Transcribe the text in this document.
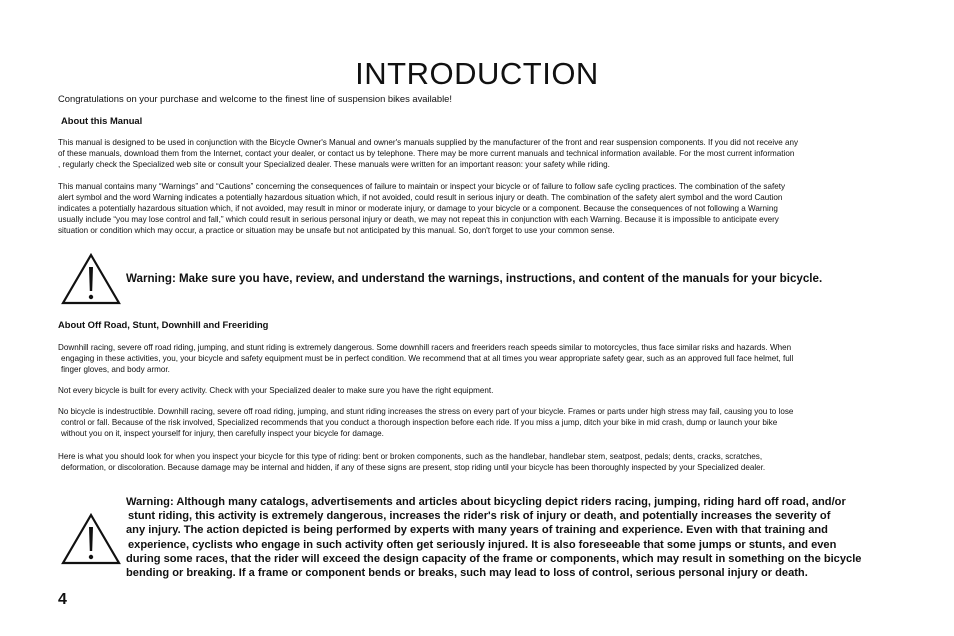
INTRODUCTION
Congratulations on your purchase and welcome to the finest line of suspension bikes available!
About this Manual
This manual is designed to be used in conjunction with the Bicycle Owner's Manual and owner's manuals supplied by the manufacturer of the front and rear suspension components. If you did not receive any
of these manuals, download them from the Internet, contact your dealer, or contact us by telephone. There may be more current manuals and technical information available. For the most current information
, regularly check the Specialized web site or consult your Specialized dealer. These manuals were written for an important reason: your safety while riding.
This manual contains many “Warnings” and “Cautions” concerning the consequences of failure to maintain or inspect your bicycle or of failure to follow safe cycling practices. The combination of the safety
alert symbol and the word Warning indicates a potentially hazardous situation which, if not avoided, could result in serious injury or death. The combination of the safety alert symbol and the word Caution
indicates a potentially hazardous situation which, if not avoided, may result in minor or moderate injury, or damage to your bicycle or a component. Because the consequences of not following a Warning
usually include “you may lose control and fall,” which could result in serious personal injury or death, we may not repeat this in conjunction with each Warning. Because it is impossible to anticipate every
situation or condition which may occur, a practice or situation may be unsafe but not anticipated by this manual. So, don't forget to use your common sense.
Warning: Make sure you have, review, and understand the warnings, instructions, and content of the manuals for your bicycle.
About Off Road, Stunt, Downhill and Freeriding
Downhill racing, severe off road riding, jumping, and stunt riding is extremely dangerous. Some downhill racers and freeriders reach speeds similar to motorcycles, thus face similar risks and hazards. When
engaging in these activities, you, your bicycle and safety equipment must be in perfect condition. We recommend that at all times you wear appropriate safety gear, such as an approved full face helmet, full
finger gloves, and body armor.
Not every bicycle is built for every activity. Check with your Specialized dealer to make sure you have the right equipment.
No bicycle is indestructible. Downhill racing, severe off road riding, jumping, and stunt riding increases the stress on every part of your bicycle. Frames or parts under high stress may fail, causing you to lose
control or fall. Because of the risk involved, Specialized recommends that you conduct a thorough inspection before each ride. If you miss a jump, ditch your bike in mid crash, dump or launch your bike
without you on it, inspect yourself for injury, then carefully inspect your bicycle for damage.
Here is what you should look for when you inspect your bicycle for this type of riding: bent or broken components, such as the handlebar, handlebar stem, seatpost, pedals; dents, cracks, scratches,
deformation, or discoloration. Because damage may be internal and hidden, if any of these signs are present, stop riding until your bicycle has been thoroughly inspected by your Specialized dealer.
Warning: Although many catalogs, advertisements and articles about bicycling depict riders racing, jumping, riding hard off road, and/or
stunt riding, this activity is extremely dangerous, increases the rider's risk of injury or death, and potentially increases the severity of
any injury. The action depicted is being performed by experts with many years of training and experience. Even with that training and
experience, cyclists who engage in such activity often get seriously injured. It is also foreseeable that some jumps or stunts, and even
during some races, that the rider will exceed the design capacity of the frame or components, which may result in something on the bicycle
bending or breaking. If a frame or component bends or breaks, such may lead to loss of control, serious personal injury or death.
4
